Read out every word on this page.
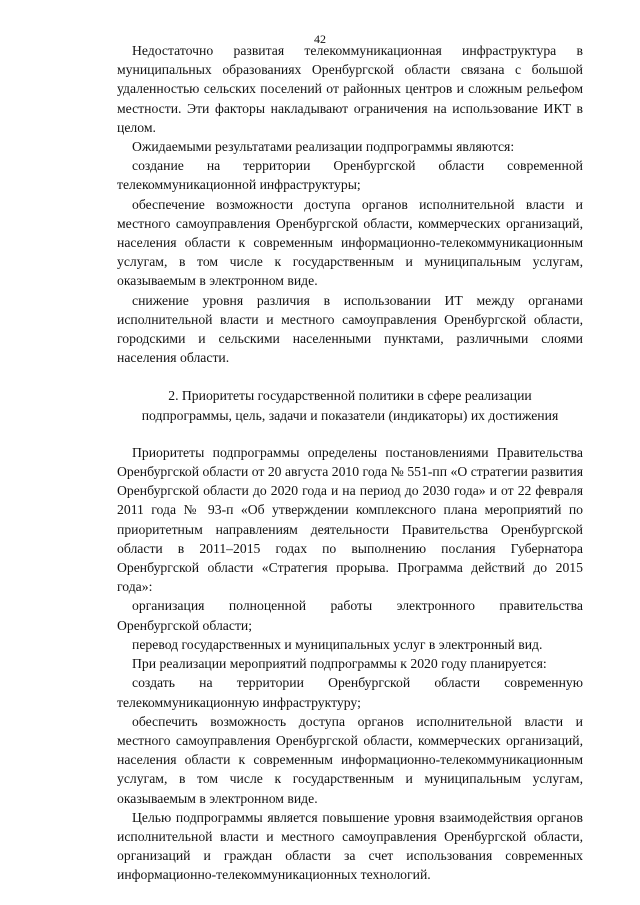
42

Недостаточно развитая телекоммуникационная инфраструктура в муниципальных образованиях Оренбургской области связана с большой удаленностью сельских поселений от районных центров и сложным рельефом местности. Эти факторы накладывают ограничения на использование ИКТ в целом.

Ожидаемыми результатами реализации подпрограммы являются:

создание на территории Оренбургской области современной телекоммуникационной инфраструктуры;

обеспечение возможности доступа органов исполнительной власти и местного самоуправления Оренбургской области, коммерческих организаций, населения области к современным информационно-телекоммуникационным услугам, в том числе к государственным и муниципальным услугам, оказываемым в электронном виде.

снижение уровня различия в использовании ИТ между органами исполнительной власти и местного самоуправления Оренбургской области, городскими и сельскими населенными пунктами, различными слоями населения области.

2. Приоритеты государственной политики в сфере реализации
подпрограммы, цель, задачи и показатели (индикаторы) их достижения

Приоритеты подпрограммы определены постановлениями Правительства Оренбургской области от 20 августа 2010 года № 551-пп «О стратегии развития Оренбургской области до 2020 года и на период до 2030 года» и от 22 февраля 2011 года № 93-п «Об утверждении комплексного плана мероприятий по приоритетным направлениям деятельности Правительства Оренбургской области в 2011–2015 годах по выполнению послания Губернатора Оренбургской области «Стратегия прорыва. Программа действий до 2015 года»:

организация полноценной работы электронного правительства Оренбургской области;

перевод государственных и муниципальных услуг в электронный вид.

При реализации мероприятий подпрограммы к 2020 году планируется:

создать на территории Оренбургской области современную телекоммуникационную инфраструктуру;

обеспечить возможность доступа органов исполнительной власти и местного самоуправления Оренбургской области, коммерческих организаций, населения области к современным информационно-телекоммуникационным услугам, в том числе к государственным и муниципальным услугам, оказываемым в электронном виде.

Целью подпрограммы является повышение уровня взаимодействия органов исполнительной власти и местного самоуправления Оренбургской области, организаций и граждан области за счет использования современных информационно-телекоммуникационных технологий.
